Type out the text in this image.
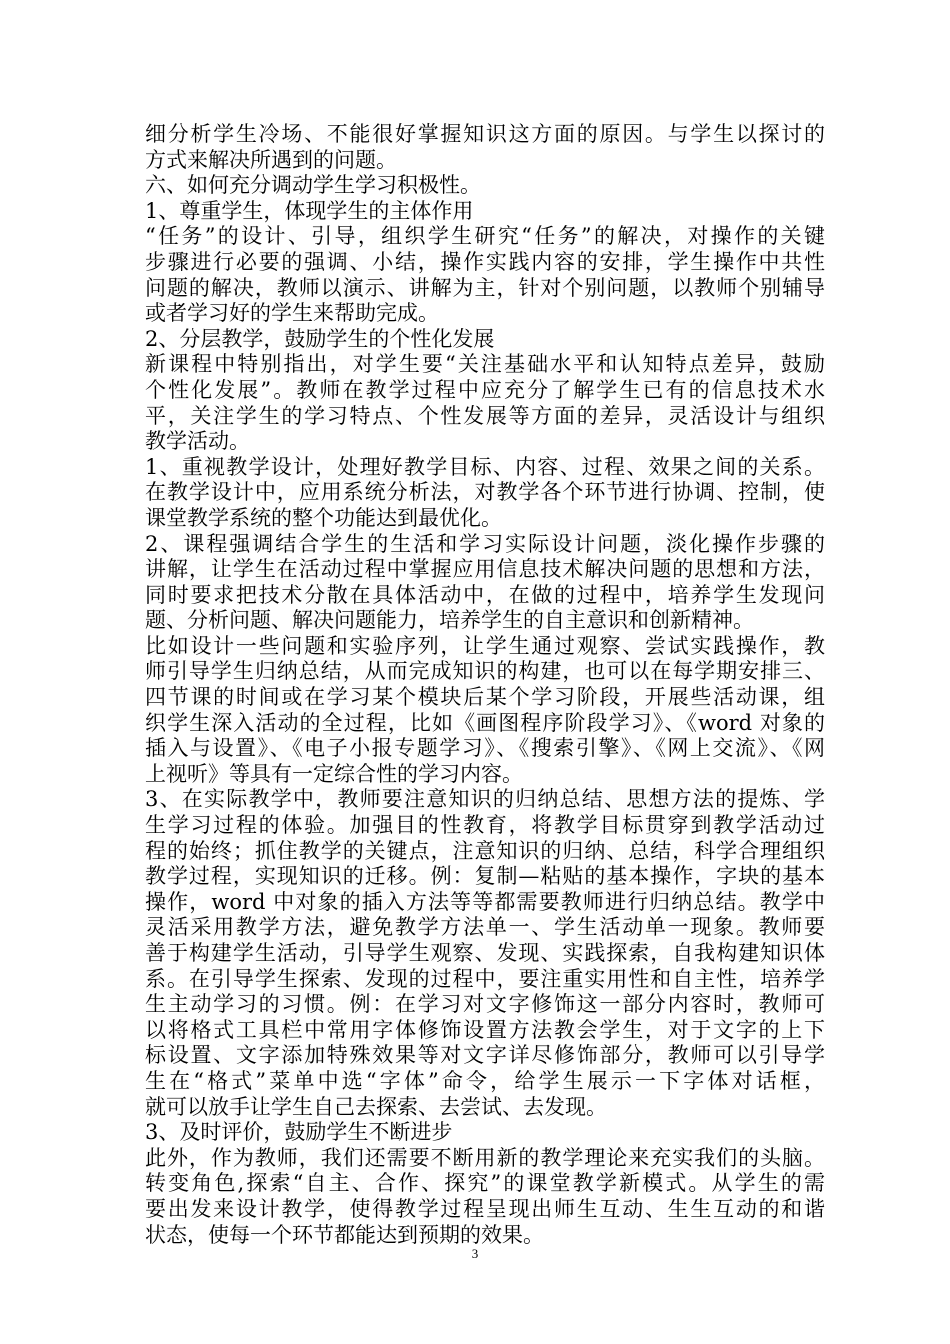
细分析学生冷场、不能很好掌握知识这方面的原因。与学生以探讨的
方式来解决所遇到的问题。
六、如何充分调动学生学习积极性。
1、尊重学生，体现学生的主体作用
“任务”的设计、引导，组织学生研究“任务”的解决，对操作的关键
步骤进行必要的强调、小结，操作实践内容的安排，学生操作中共性
问题的解决，教师以演示、讲解为主，针对个别问题，以教师个别辅导
或者学习好的学生来帮助完成。
2、分层教学，鼓励学生的个性化发展
新课程中特别指出，对学生要“关注基础水平和认知特点差异，鼓励
个性化发展”。教师在教学过程中应充分了解学生已有的信息技术水
平，关注学生的学习特点、个性发展等方面的差异，灵活设计与组织
教学活动。
1、重视教学设计，处理好教学目标、内容、过程、效果之间的关系。
在教学设计中，应用系统分析法，对教学各个环节进行协调、控制，使
课堂教学系统的整个功能达到最优化。
2、课程强调结合学生的生活和学习实际设计问题，淡化操作步骤的
讲解，让学生在活动过程中掌握应用信息技术解决问题的思想和方法，
同时要求把技术分散在具体活动中，在做的过程中，培养学生发现问
题、分析问题、解决问题能力，培养学生的自主意识和创新精神。
比如设计一些问题和实验序列，让学生通过观察、尝试实践操作，教
师引导学生归纳总结，从而完成知识的构建，也可以在每学期安排三、
四节课的时间或在学习某个模块后某个学习阶段，开展些活动课，组
织学生深入活动的全过程，比如《画图程序阶段学习》、《word 对象的
插入与设置》、《电子小报专题学习》、《搜索引擎》、《网上交流》、《网
上视听》等具有一定综合性的学习内容。
3、在实际教学中，教师要注意知识的归纳总结、思想方法的提炼、学
生学习过程的体验。加强目的性教育，将教学目标贯穿到教学活动过
程的始终；抓住教学的关键点，注意知识的归纳、总结，科学合理组织
教学过程，实现知识的迁移。例：复制—粘贴的基本操作，字块的基本
操作，word 中对象的插入方法等等都需要教师进行归纳总结。教学中
灵活采用教学方法，避免教学方法单一、学生活动单一现象。教师要
善于构建学生活动，引导学生观察、发现、实践探索，自我构建知识体
系。在引导学生探索、发现的过程中，要注重实用性和自主性，培养学
生主动学习的习惯。例：在学习对文字修饰这一部分内容时，教师可
以将格式工具栏中常用字体修饰设置方法教会学生，对于文字的上下
标设置、文字添加特殊效果等对文字详尽修饰部分，教师可以引导学
生在“格式”菜单中选“字体”命令，给学生展示一下字体对话框，
就可以放手让学生自己去探索、去尝试、去发现。
3、及时评价，鼓励学生不断进步
此外，作为教师，我们还需要不断用新的教学理论来充实我们的头脑。
转变角色,探索“自主、合作、探究”的课堂教学新模式。从学生的需
要出发来设计教学，使得教学过程呈现出师生互动、生生互动的和谐
状态，使每一个环节都能达到预期的效果。
3
